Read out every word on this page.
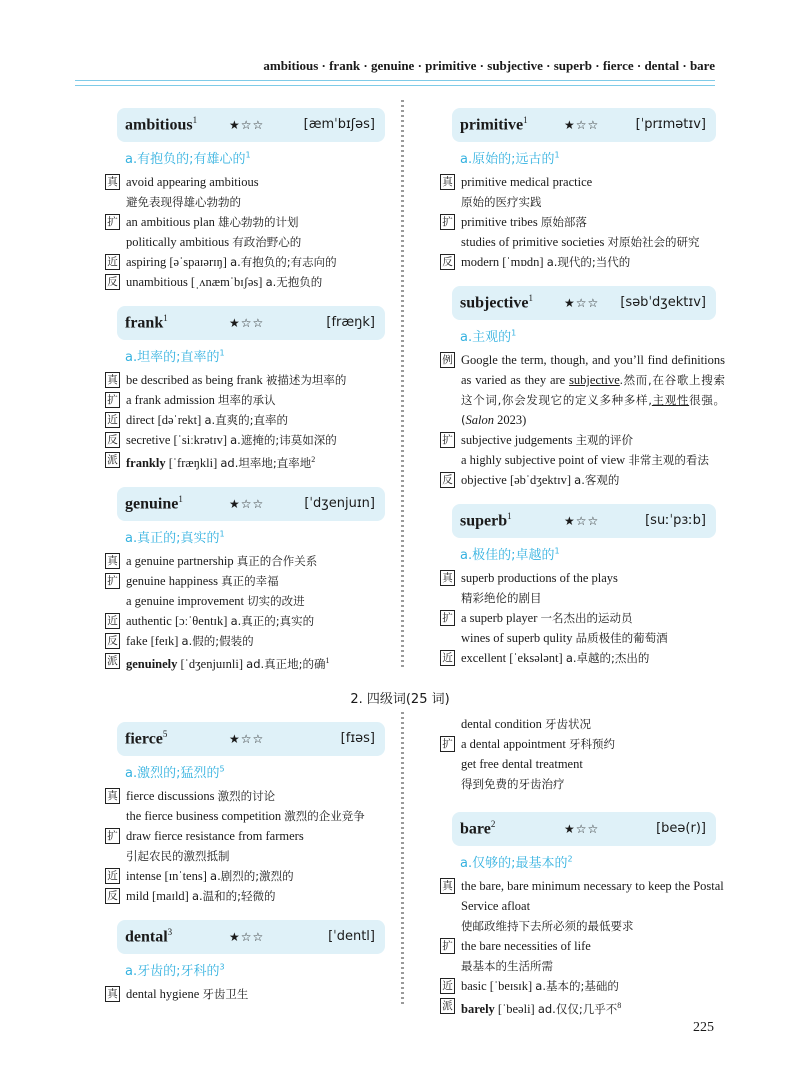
ambitious · frank · genuine · primitive · subjective · superb · fierce · dental · bare
ambitious$^1$	★☆☆	[æmˈbɪʃəs]
a.有抱负的;有雄心的$^1$
真 avoid appearing ambitious
避免表现得雄心勃勃的
扩 an ambitious plan 雄心勃勃的计划
politically ambitious 有政治野心的
近 aspiring [əˈspaɪərɪŋ] a.有抱负的;有志向的
反 unambitious [ˌʌnæmˈbɪʃəs] a.无抱负的
frank$^1$	★☆☆	[fræŋk]
a.坦率的;直率的$^1$
真 be described as being frank 被描述为坦率的
扩 a frank admission 坦率的承认
近 direct [dəˈrekt] a.直爽的;直率的
反 secretive [ˈsiːkrətɪv] a.遮掩的;讳莫如深的
派 frankly [ˈfræŋkli] ad.坦率地;直率地$^2$
genuine$^1$	★☆☆	[ˈdʒenjuɪn]
a.真正的;真实的$^1$
真 a genuine partnership 真正的合作关系
扩 genuine happiness 真正的幸福
a genuine improvement 切实的改进
近 authentic [ɔːˈθentɪk] a.真正的;真实的
反 fake [feɪk] a.假的;假装的
派 genuinely [ˈdʒenjuɪnli] ad.真正地;的确$^1$
primitive$^1$	★☆☆	[ˈprɪmətɪv]
a.原始的;远古的$^1$
真 primitive medical practice
原始的医疗实践
扩 primitive tribes 原始部落
studies of primitive societies 对原始社会的研究
反 modern [ˈmɒdn] a.现代的;当代的
subjective$^1$	★☆☆ [səbˈdʒektɪv]
a.主观的$^1$
例 Google the term, though, and you’ll find definitions as varied as they are subjective.然而,在谷歌上搜索这个词,你会发现它的定义多种多样,主观性很强。(Salon 2023)
扩 subjective judgements 主观的评价
a highly subjective point of view 非常主观的看法
反 objective [əbˈdʒektɪv] a.客观的
superb$^1$	★☆☆	[suːˈpɜːb]
a.极佳的;卓越的$^1$
真 superb productions of the plays
精彩绝伦的剧目
扩 a superb player 一名杰出的运动员
wines of superb qulity 品质极佳的葡萄酒
近 excellent [ˈeksələnt] a.卓越的;杰出的
2. 四级词(25 词)
fierce$^5$	★☆☆	[fɪəs]
a.激烈的;猛烈的$^5$
真 fierce discussions 激烈的讨论
the fierce business competition 激烈的企业竞争
扩 draw fierce resistance from farmers
引起农民的激烈抵制
近 intense [ɪnˈtens] a.剧烈的;激烈的
反 mild [maɪld] a.温和的;轻微的
dental$^3$	★☆☆	[ˈdentl]
a.牙齿的;牙科的$^3$
真 dental hygiene 牙齿卫生
dental condition 牙齿状况
扩 a dental appointment 牙科预约
get free dental treatment
得到免费的牙齿治疗
bare$^2$	★☆☆	[beə(r)]
a.仅够的;最基本的$^2$
真 the bare, bare minimum necessary to keep the Postal Service afloat
使邮政维持下去所必须的最低要求
扩 the bare necessities of life
最基本的生活所需
近 basic [ˈbeɪsɪk] a.基本的;基础的
派 barely [ˈbeəli] ad.仅仅;几乎不$^8$
225
